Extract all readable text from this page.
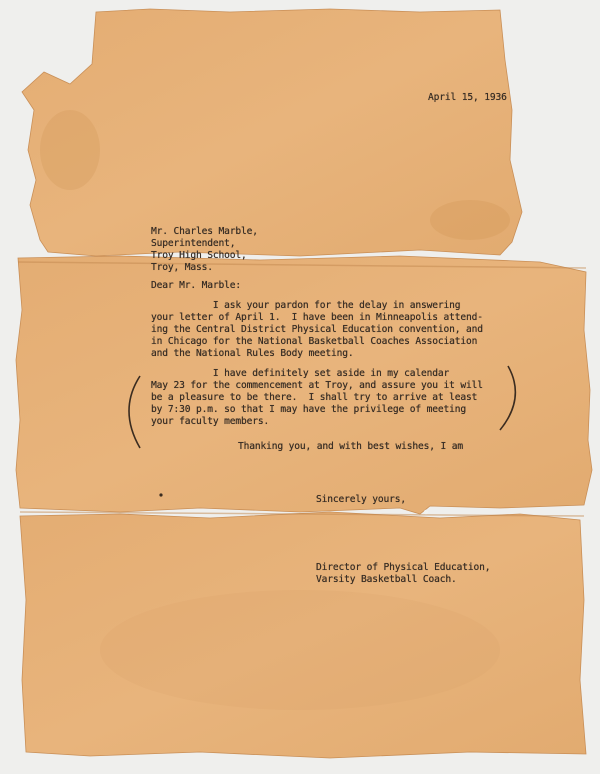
April 15, 1936
Mr. Charles Marble,
Superintendent,
Troy High School,
Troy, Mass.
Dear Mr. Marble:
I ask your pardon for the delay in answering
your letter of April 1.  I have been in Minneapolis attend-
ing the Central District Physical Education convention, and
in Chicago for the National Basketball Coaches Association
and the National Rules Body meeting.
I have definitely set aside in my calendar
May 23 for the commencement at Troy, and assure you it will
be a pleasure to be there.  I shall try to arrive at least
by 7:30 p.m. so that I may have the privilege of meeting
your faculty members.
Thanking you, and with best wishes, I am
Sincerely yours,
Director of Physical Education,
Varsity Basketball Coach.
